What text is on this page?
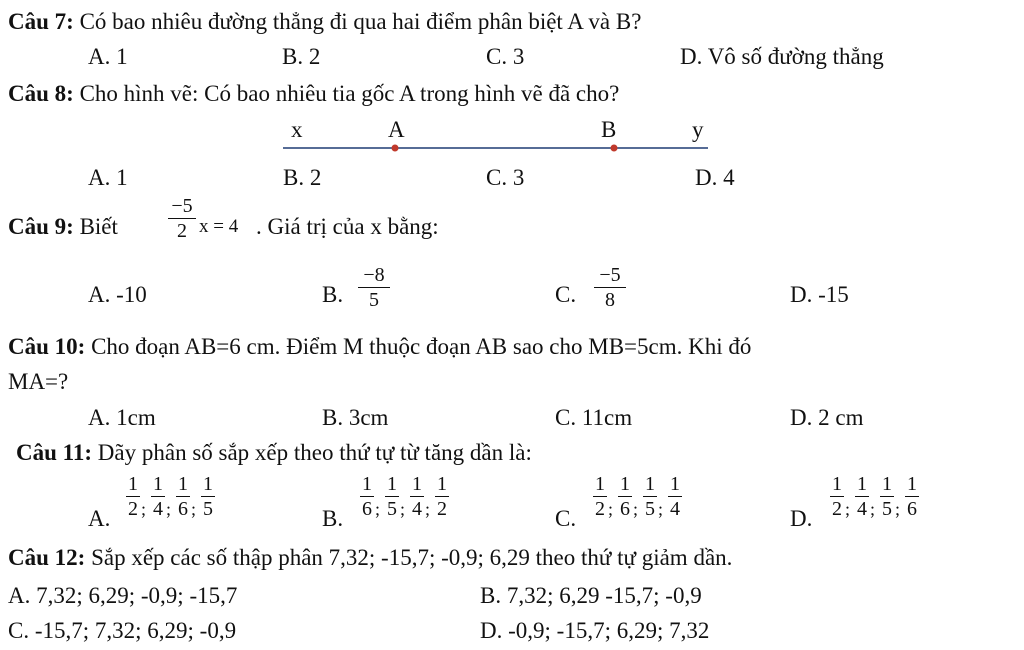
Câu 7: Có bao nhiêu đường thẳng đi qua hai điểm phân biệt A và B?
A. 1	B. 2	C. 3	D. Vô số đường thẳng
Câu 8: Cho hình vẽ: Có bao nhiêu tia gốc A trong hình vẽ đã cho?
x	A	B	y
A. 1	B. 2	C. 3	D. 4
Câu 9: Biết
−5
2 x = 4 . Giá trị của x bằng:
A. -10	B.
−8
5	C.
−5
8	D. -15
Câu 10: Cho đoạn AB=6 cm. Điểm M thuộc đoạn AB sao cho MB=5cm. Khi đó
MA=?
A. 1cm	B. 3cm	C. 11cm	D. 2 cm
Câu 11: Dãy phân số sắp xếp theo thứ tự từ tăng dần là:
A.
1
2 ;
1
4 ;
1
6 ;
1
5	B.
1
6 ;
1
5 ;
1
4 ;
1
2	C.
1
2 ;
1
6 ;
1
5 ;
1
4	D.
1
2 ;
1
4 ;
1
5 ;
1
6
Câu 12: Sắp xếp các số thập phân 7,32; -15,7; -0,9; 6,29 theo thứ tự giảm dần.
A. 7,32; 6,29; -0,9; -15,7	B. 7,32; 6,29 -15,7; -0,9
C. -15,7; 7,32; 6,29; -0,9	D. -0,9; -15,7; 6,29; 7,32
